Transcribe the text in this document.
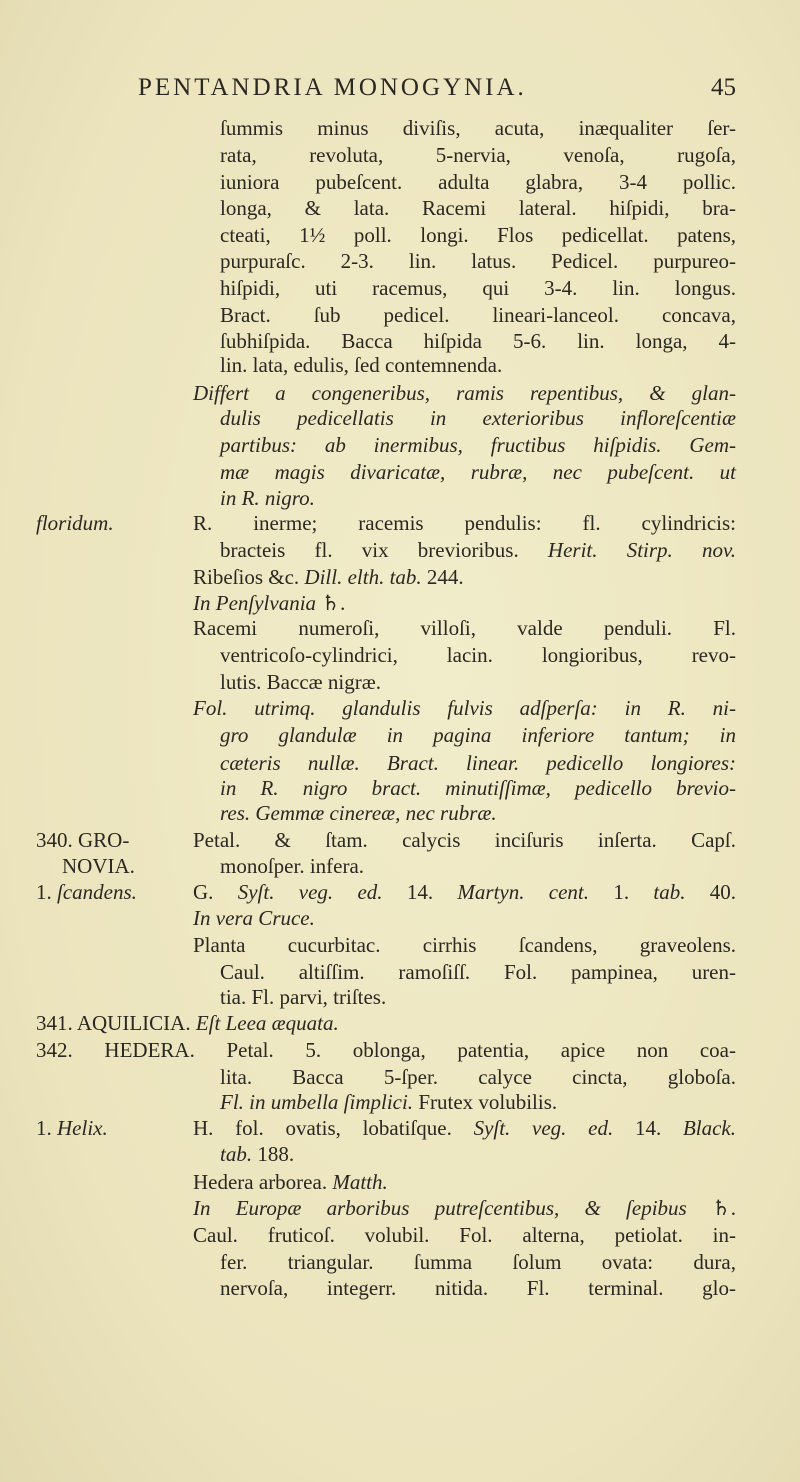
PENTANDRIA MONOGYNIA.	45
ſummis minus diviſis, acuta, inæqualiter ſer-
rata, revoluta, 5-nervia, venoſa, rugoſa,
iuniora pubeſcent. adulta glabra, 3-4 pollic.
longa, & lata. Racemi lateral. hiſpidi, bra-
cteati, 1½ poll. longi. Flos pedicellat. patens,
purpuraſc. 2-3. lin. latus. Pedicel. purpureo-
hiſpidi, uti racemus, qui 3-4. lin. longus.
Bract. ſub pedicel. lineari-lanceol. concava,
ſubhiſpida. Bacca hiſpida 5-6. lin. longa, 4-
lin. lata, edulis, ſed contemnenda.
Differt a congeneribus, ramis repentibus, & glan-
dulis pedicellatis in exterioribus infloreſcentiæ
partibus: ab inermibus, fructibus hiſpidis. Gem-
mæ magis divaricatæ, rubræ, nec pubeſcent. ut
in R. nigro.
R. inerme; racemis pendulis: fl. cylindricis:
floridum.
bracteis fl. vix brevioribus. Herit. Stirp. nov.
Ribeſios &c. Dill. elth. tab. 244.
In Penſylvania ♄.
Racemi numeroſi, villoſi, valde penduli. Fl.
ventricoſo-cylindrici, lacin. longioribus, revo-
lutis. Baccæ nigræ.
Fol. utrimq. glandulis fulvis adſperſa: in R. ni-
gro glandulæ in pagina inferiore tantum; in
cæteris nullæ. Bract. linear. pedicello longiores:
in R. nigro bract. minutiſſimæ, pedicello brevio-
res. Gemmæ cinereæ, nec rubræ.
Petal. & ſtam. calycis inciſuris inſerta. Capſ.
340. GRO-
monoſper. infera.
NOVIA.
G. Syſt. veg. ed. 14. Martyn. cent. 1. tab. 40.
1. ſcandens.
In vera Cruce.
Planta cucurbitac. cirrhis ſcandens, graveolens.
Caul. altiſſim. ramoſiſſ. Fol. pampinea, uren-
tia. Fl. parvi, triſtes.
341. AQUILICIA. Eſt Leea æquata.
342. HEDERA. Petal. 5. oblonga, patentia, apice non coa-
lita. Bacca 5-ſper. calyce cincta, globoſa.
Fl. in umbella ſimplici. Frutex volubilis.
H. fol. ovatis, lobatiſque. Syſt. veg. ed. 14. Black.
1. Helix.
tab. 188.
Hedera arborea. Matth.
In Europæ arboribus putreſcentibus, & ſepibus ♄.
Caul. fruticoſ. volubil. Fol. alterna, petiolat. in-
fer. triangular. ſumma ſolum ovata: dura,
nervoſa, integerr. nitida. Fl. terminal. glo-
